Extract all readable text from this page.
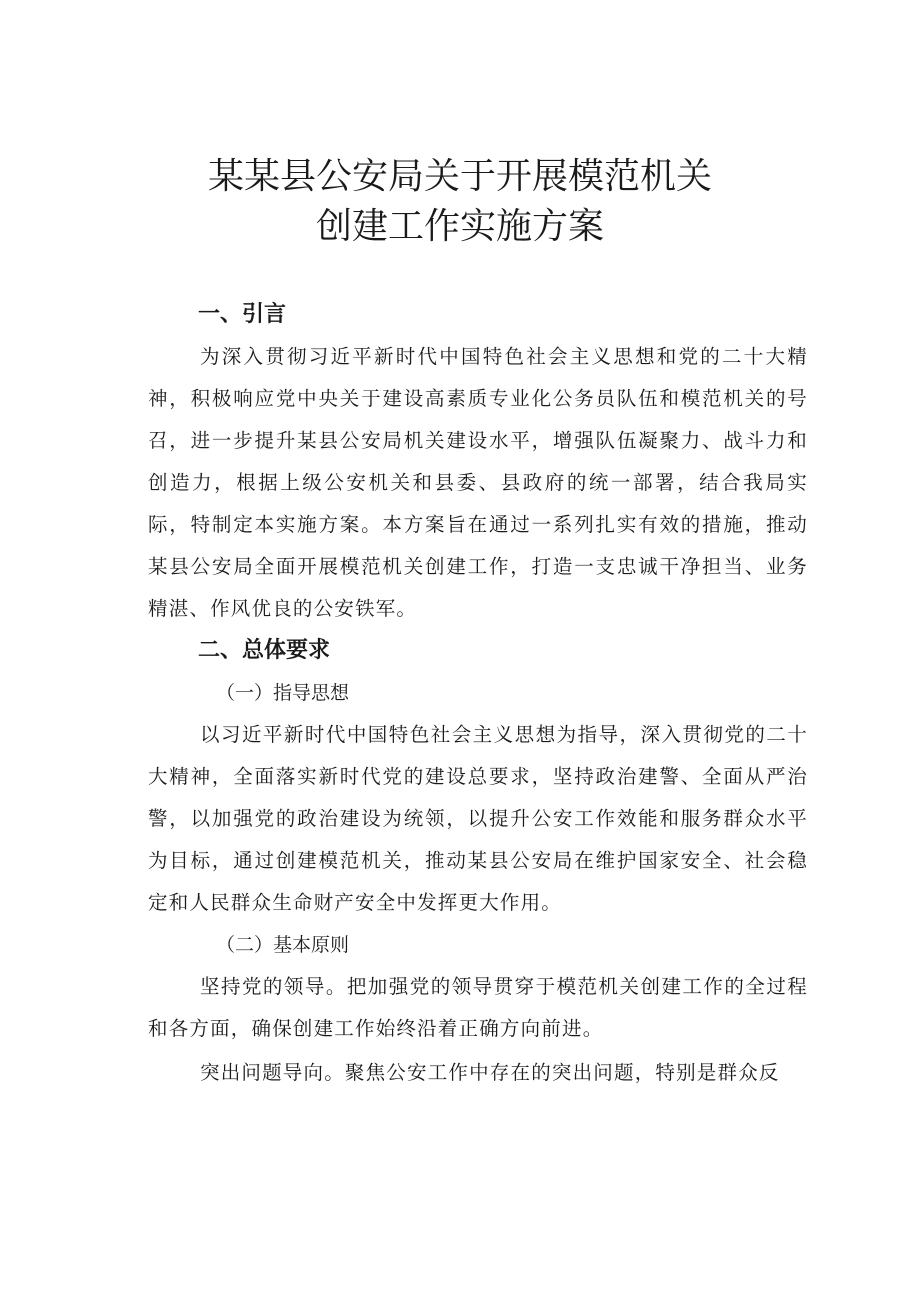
某某县公安局关于开展模范机关
创建工作实施方案

一、引言

为深入贯彻习近平新时代中国特色社会主义思想和党的二十大精神，积极响应党中央关于建设高素质专业化公务员队伍和模范机关的号召，进一步提升某县公安局机关建设水平，增强队伍凝聚力、战斗力和创造力，根据上级公安机关和县委、县政府的统一部署，结合我局实际，特制定本实施方案。本方案旨在通过一系列扎实有效的措施，推动某县公安局全面开展模范机关创建工作，打造一支忠诚干净担当、业务精湛、作风优良的公安铁军。

二、总体要求

（一）指导思想

以习近平新时代中国特色社会主义思想为指导，深入贯彻党的二十大精神，全面落实新时代党的建设总要求，坚持政治建警、全面从严治警，以加强党的政治建设为统领，以提升公安工作效能和服务群众水平为目标，通过创建模范机关，推动某县公安局在维护国家安全、社会稳定和人民群众生命财产安全中发挥更大作用。

（二）基本原则

坚持党的领导。把加强党的领导贯穿于模范机关创建工作的全过程和各方面，确保创建工作始终沿着正确方向前进。

突出问题导向。聚焦公安工作中存在的突出问题，特别是群众反
